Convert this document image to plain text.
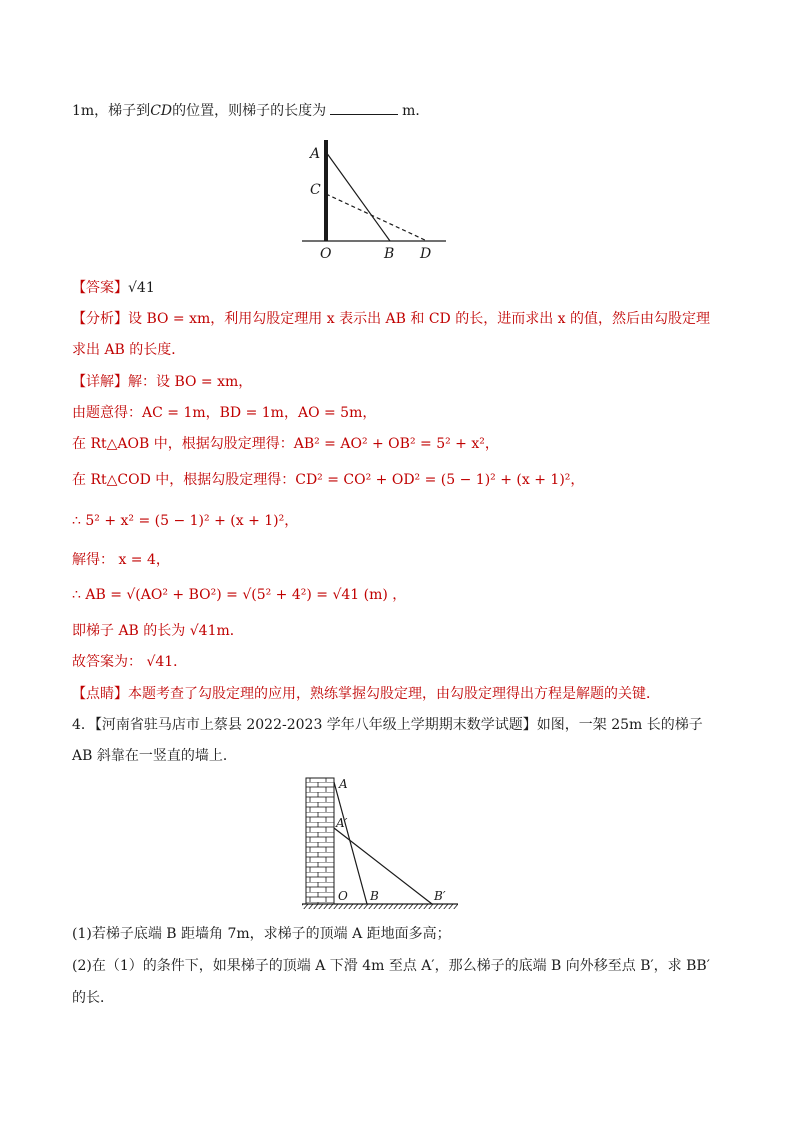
1m，梯子到CD的位置，则梯子的长度为	m．
A
C
O	B D
【答案】√41
【分析】设 BO = xm，利用勾股定理用 x 表示出 AB 和 CD 的长，进而求出 x 的值，然后由勾股定理
求出 AB 的长度．
【详解】解：设 BO = xm，
由题意得：AC = 1m，BD = 1m，AO = 5m，
在 Rt△AOB 中，根据勾股定理得：AB² = AO² + OB² = 5² + x²，
在 Rt△COD 中，根据勾股定理得：CD² = CO² + OD² = (5 − 1)² + (x + 1)²，
∴ 5² + x² = (5 − 1)² + (x + 1)²，
解得： x = 4，
∴ AB = √(AO² + BO²) = √(5² + 4²) = √41 (m) ，
即梯子 AB 的长为 √41m．
故答案为： √41．
【点睛】本题考查了勾股定理的应用，熟练掌握勾股定理，由勾股定理得出方程是解题的关键．
4．【河南省驻马店市上蔡县 2022-2023 学年八年级上学期期末数学试题】如图，一架 25m 长的梯子
AB 斜靠在一竖直的墙上．
A
A′
O B	B′
(1)若梯子底端 B 距墙角 7m，求梯子的顶端 A 距地面多高；
(2)在（1）的条件下，如果梯子的顶端 A 下滑 4m 至点 A′，那么梯子的底端 B 向外移至点 B′，求 BB′
的长．
